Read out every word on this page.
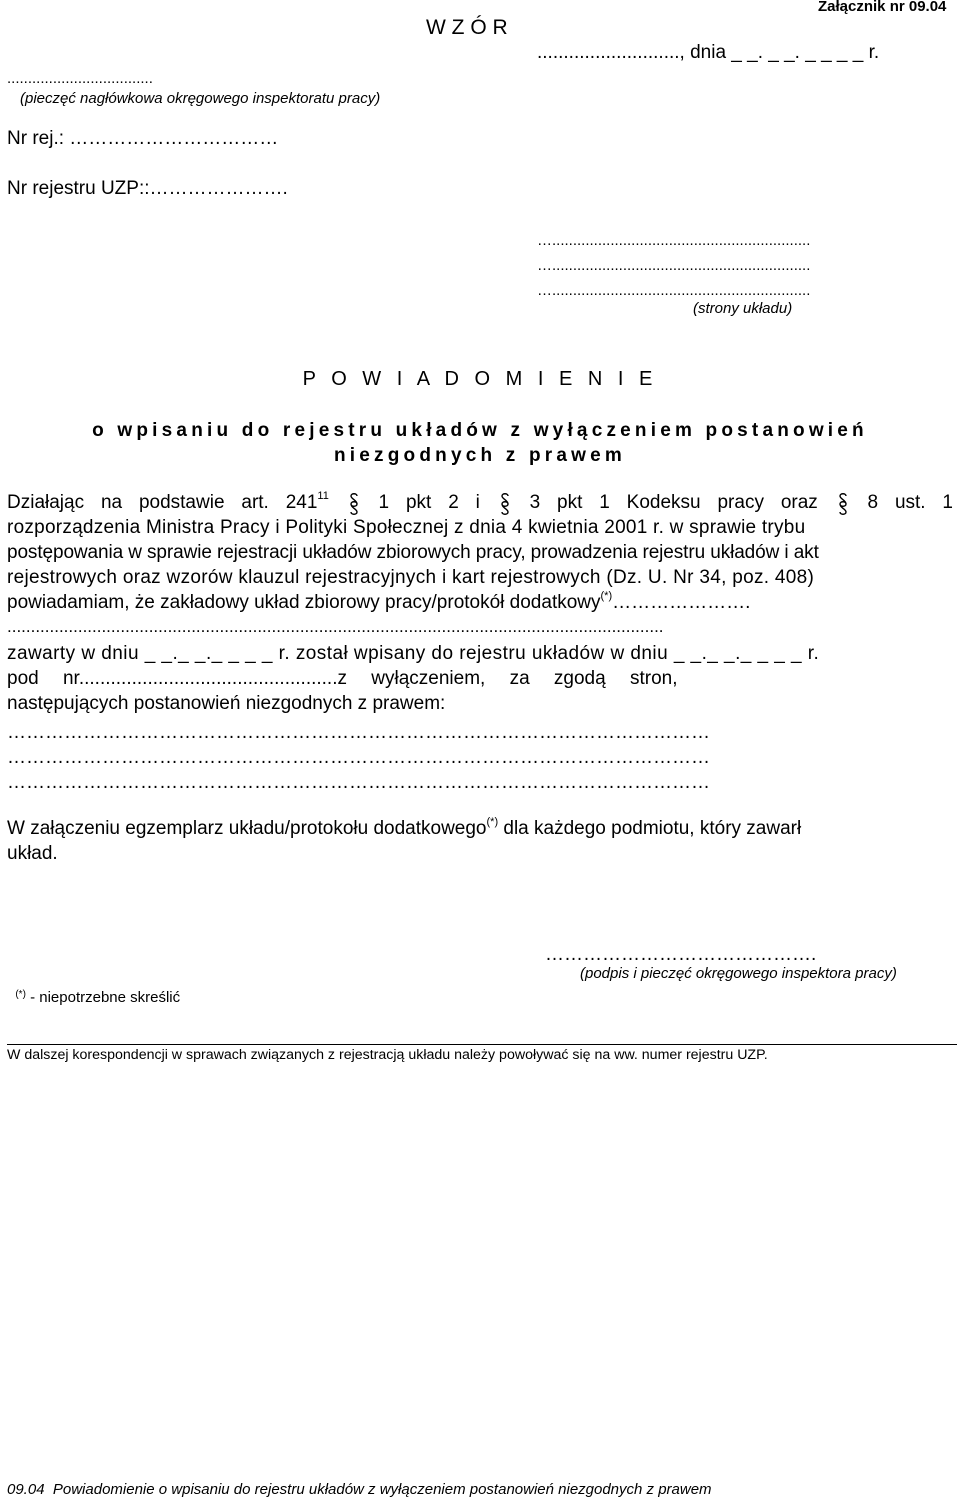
Załącznik nr 09.04
W Z Ó R
..........................., dnia _ _. _ _. _ _ _ _ r.
...................................
(pieczęć nagłówkowa okręgowego inspektoratu pracy)
Nr rej.: ……………………………
Nr rejestru UZP::………………….
…..............................................................
…..............................................................
…..............................................................
(strony układu)
P O W I A D O M I E N I E
o wpisaniu do rejestru układów z wyłączeniem postanowień
niezgodnych z prawem
Działając na podstawie art. $241^{11}$	1 pkt 2 i	3 pkt 1 Kodeksu pracy oraz	8 ust. 1
rozporządzenia Ministra Pracy i Polityki Społecznej z dnia 4 kwietnia 2001 r. w sprawie trybu
postępowania w sprawie rejestracji układów zbiorowych pracy, prowadzenia rejestru układów i akt
rejestrowych oraz wzorów klauzul rejestracyjnych i kart rejestrowych (Dz. U. Nr 34, poz. 408)
powiadamiam, że zakładowy układ zbiorowy pracy/protokół dodatkowy(*)………………….
...........................................................................................................................................
zawarty w dniu _ _._ _._ _ _ _ r. został wpisany do rejestru układów w dniu _ _._ _._ _ _ _ r.
pod nr.................................................z wyłączeniem, za zgodą stron,
następujących postanowień niezgodnych z prawem:
…………………………………………………………………………………………………
…………………………………………………………………………………………………
…………………………………………………………………………………………………
W załączeniu egzemplarz układu/protokołu dodatkowego(*) dla każdego podmiotu, który zawarł
układ.
…………………………………….
(podpis i pieczęć okręgowego inspektora pracy)

(*) - niepotrzebne skreślić

W dalszej korespondencji w sprawach związanych z rejestracją układu należy powoływać się na ww. numer rejestru UZP.
09.04  Powiadomienie o wpisaniu do rejestru układów z wyłączeniem postanowień niezgodnych z prawem
